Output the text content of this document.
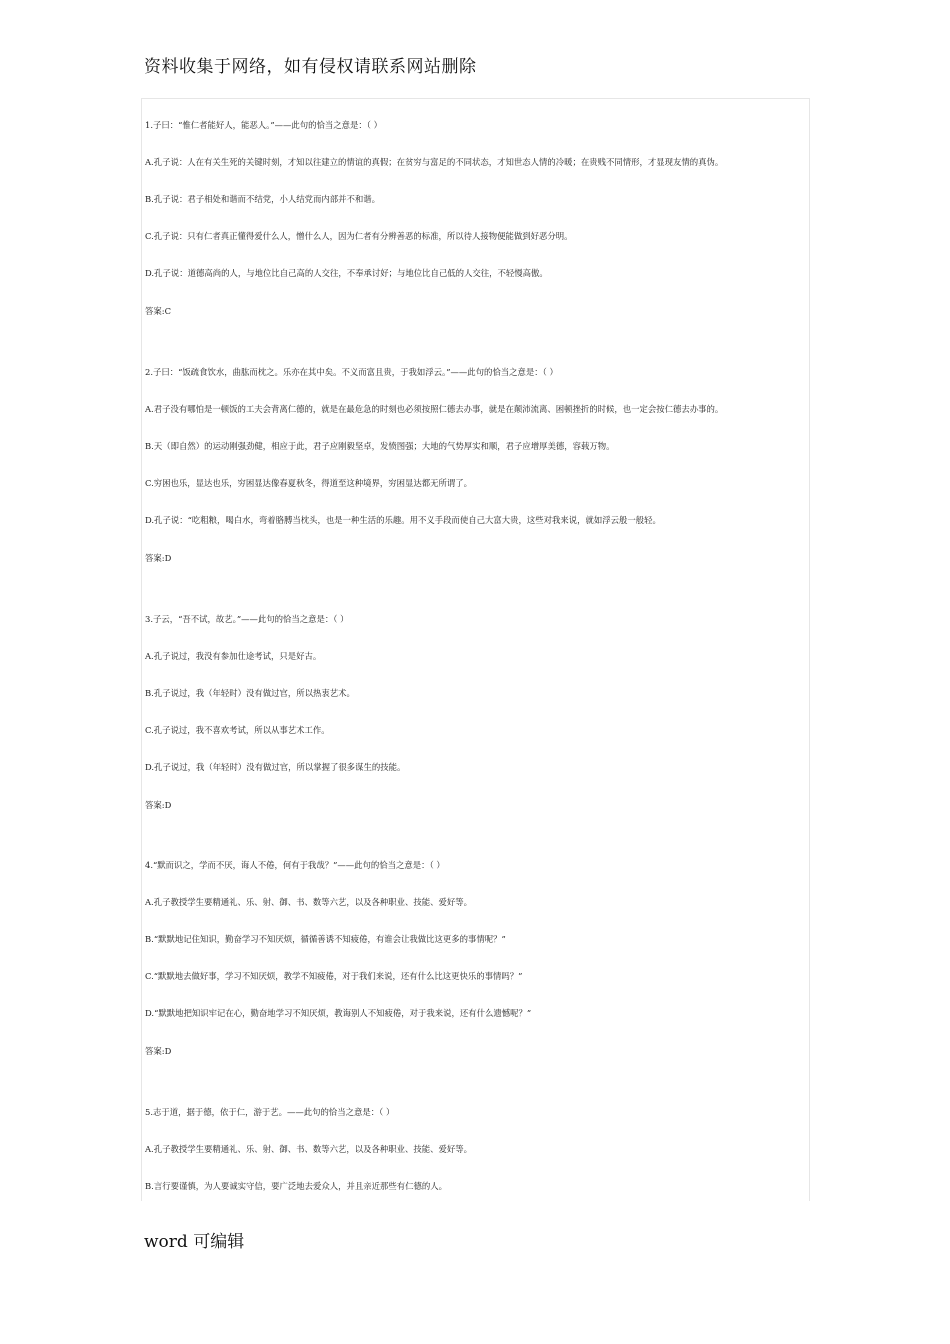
资料收集于网络，如有侵权请联系网站删除
1.子曰：“惟仁者能好人，能恶人。”——此句的恰当之意是：（ ）
A.孔子说：人在有关生死的关键时刻，才知以往建立的情谊的真假；在贫穷与富足的不同状态，才知世态人情的冷暖；在贵贱不同情形，才显现友情的真伪。
B.孔子说：君子相处和谐而不结党，小人结党而内部并不和谐。
C.孔子说：只有仁者真正懂得爱什么人，憎什么人，因为仁者有分辨善恶的标准，所以待人接物便能做到好恶分明。
D.孔子说：道德高尚的人，与地位比自己高的人交往，不奉承讨好；与地位比自己低的人交往，不轻慢高傲。
答案:C
2.子曰：“饭疏食饮水，曲肱而枕之。乐亦在其中矣。不义而富且贵，于我如浮云。”——此句的恰当之意是：（ ）
A.君子没有哪怕是一顿饭的工夫会背离仁德的，就是在最危急的时刻也必须按照仁德去办事，就是在颠沛流离、困顿挫折的时候，也一定会按仁德去办事的。
B.天（即自然）的运动刚强劲健，相应于此，君子应刚毅坚卓，发愤图强；大地的气势厚实和顺，君子应增厚美德，容载万物。
C.穷困也乐，显达也乐，穷困显达像春夏秋冬，得道至这种境界，穷困显达都无所谓了。
D.孔子说：“吃粗粮，喝白水，弯着胳膊当枕头，也是一种生活的乐趣。用不义手段而使自己大富大贵，这些对我来说，就如浮云般一般轻。
答案:D
3.子云，“吾不试，故艺。”——此句的恰当之意是：（ ）
A.孔子说过，我没有参加仕途考试，只是好古。
B.孔子说过，我（年轻时）没有做过官，所以热衷艺术。
C.孔子说过，我不喜欢考试，所以从事艺术工作。
D.孔子说过，我（年轻时）没有做过官，所以掌握了很多谋生的技能。
答案:D
4.“默而识之，学而不厌，诲人不倦，何有于我哉？”——此句的恰当之意是：（ ）
A.孔子教授学生要精通礼、乐、射、御、书、数等六艺，以及各种职业、技能、爱好等。
B.“默默地记住知识，勤奋学习不知厌烦，循循善诱不知疲倦，有谁会让我做比这更多的事情呢？”
C.“默默地去做好事，学习不知厌烦，教学不知疲倦，对于我们来说，还有什么比这更快乐的事情吗？”
D.“默默地把知识牢记在心，勤奋地学习不知厌烦，教诲别人不知疲倦，对于我来说，还有什么遗憾呢？”
答案:D
5.志于道，据于德，依于仁，游于艺。——此句的恰当之意是：（ ）
A.孔子教授学生要精通礼、乐、射、御、书、数等六艺，以及各种职业、技能、爱好等。
B.言行要谨慎，为人要诚实守信，要广泛地去爱众人，并且亲近那些有仁德的人。
word 可编辑
